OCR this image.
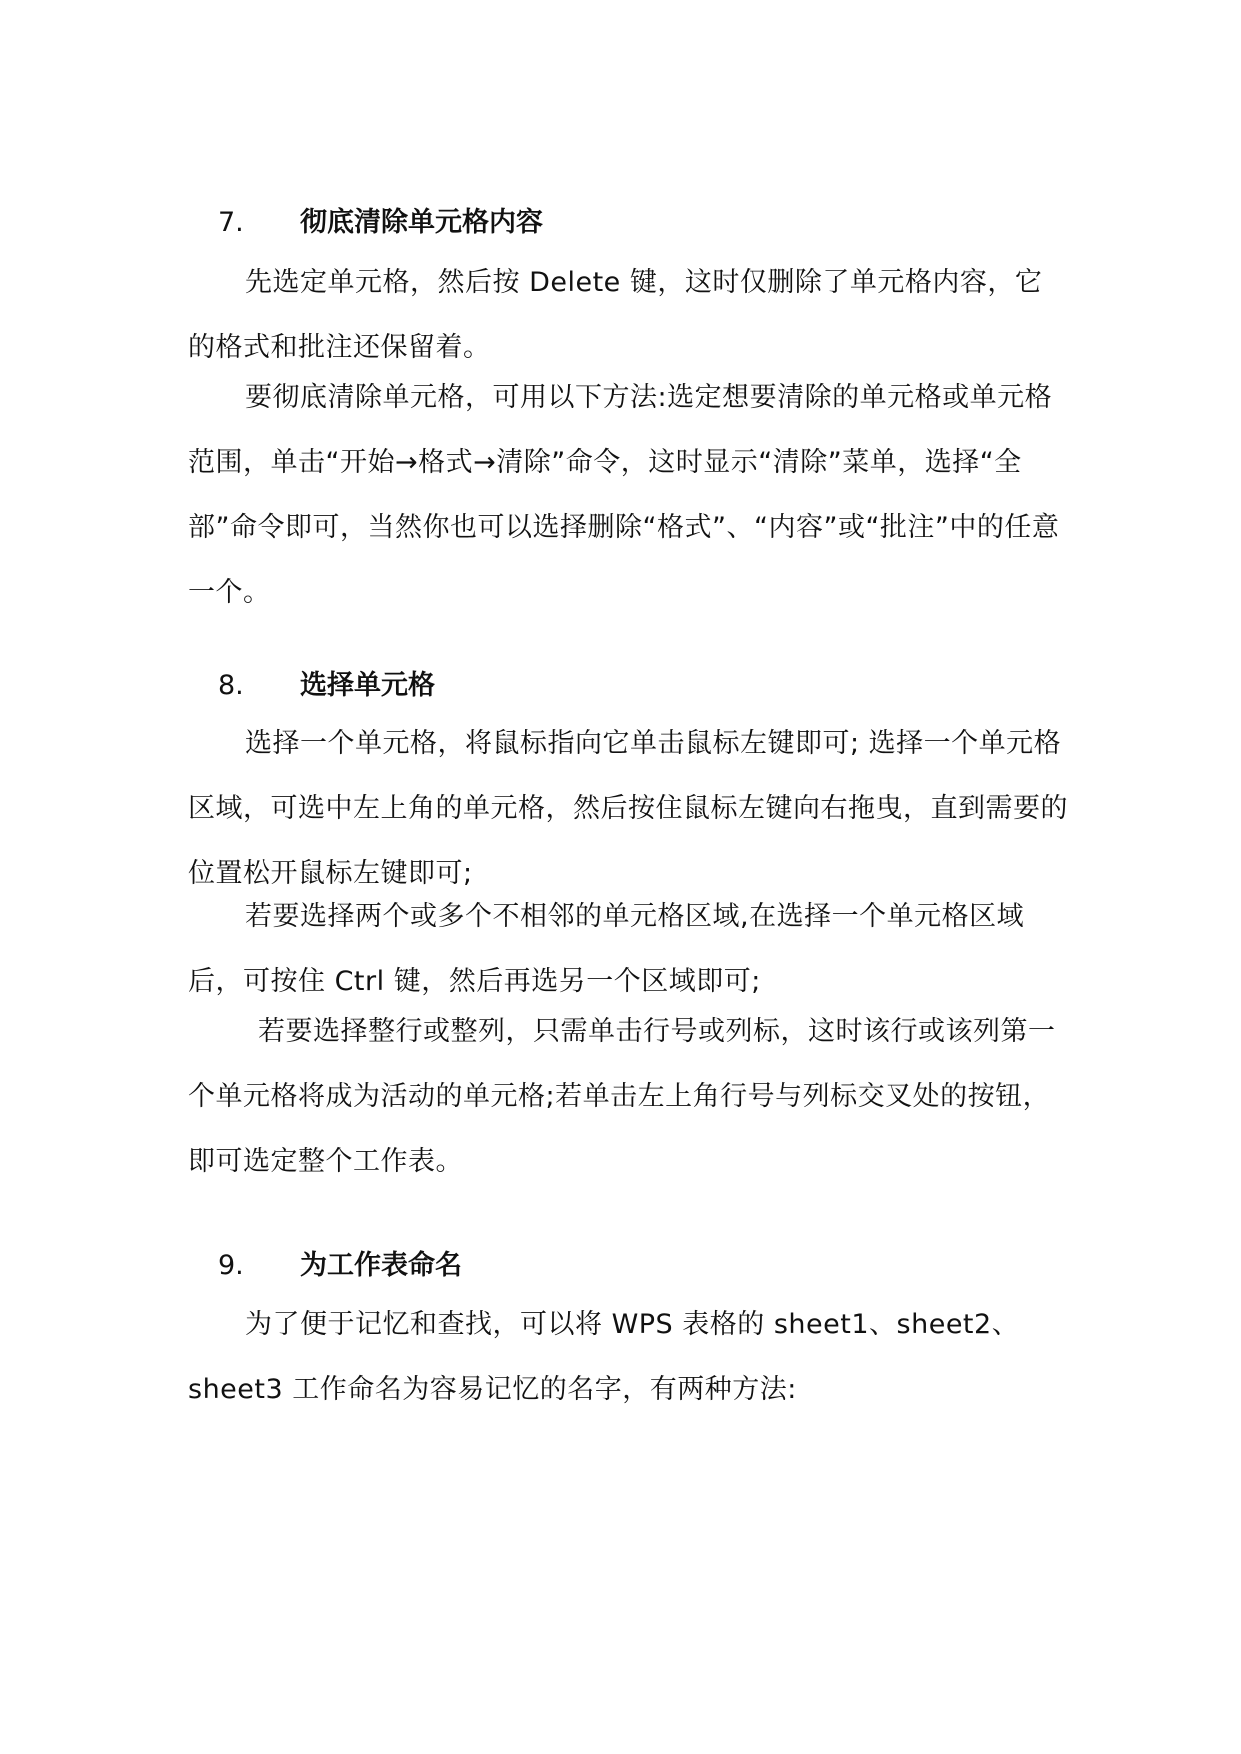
7. 彻底清除单元格内容

先选定单元格，然后按 Delete 键，这时仅删除了单元格内容，它的格式和批注还保留着。

要彻底清除单元格，可用以下方法:选定想要清除的单元格或单元格范围，单击“开始→格式→清除”命令，这时显示“清除”菜单，选择“全部”命令即可，当然你也可以选择删除“格式”、“内容”或“批注”中的任意一个。

8. 选择单元格

选择一个单元格，将鼠标指向它单击鼠标左键即可; 选择一个单元格区域，可选中左上角的单元格，然后按住鼠标左键向右拖曳，直到需要的位置松开鼠标左键即可;

若要选择两个或多个不相邻的单元格区域,在选择一个单元格区域后，可按住 Ctrl 键，然后再选另一个区域即可;

若要选择整行或整列，只需单击行号或列标，这时该行或该列第一个单元格将成为活动的单元格;若单击左上角行号与列标交叉处的按钮，即可选定整个工作表。

9. 为工作表命名

为了便于记忆和查找，可以将 WPS 表格的 sheet1、sheet2、sheet3 工作命名为容易记忆的名字，有两种方法:
